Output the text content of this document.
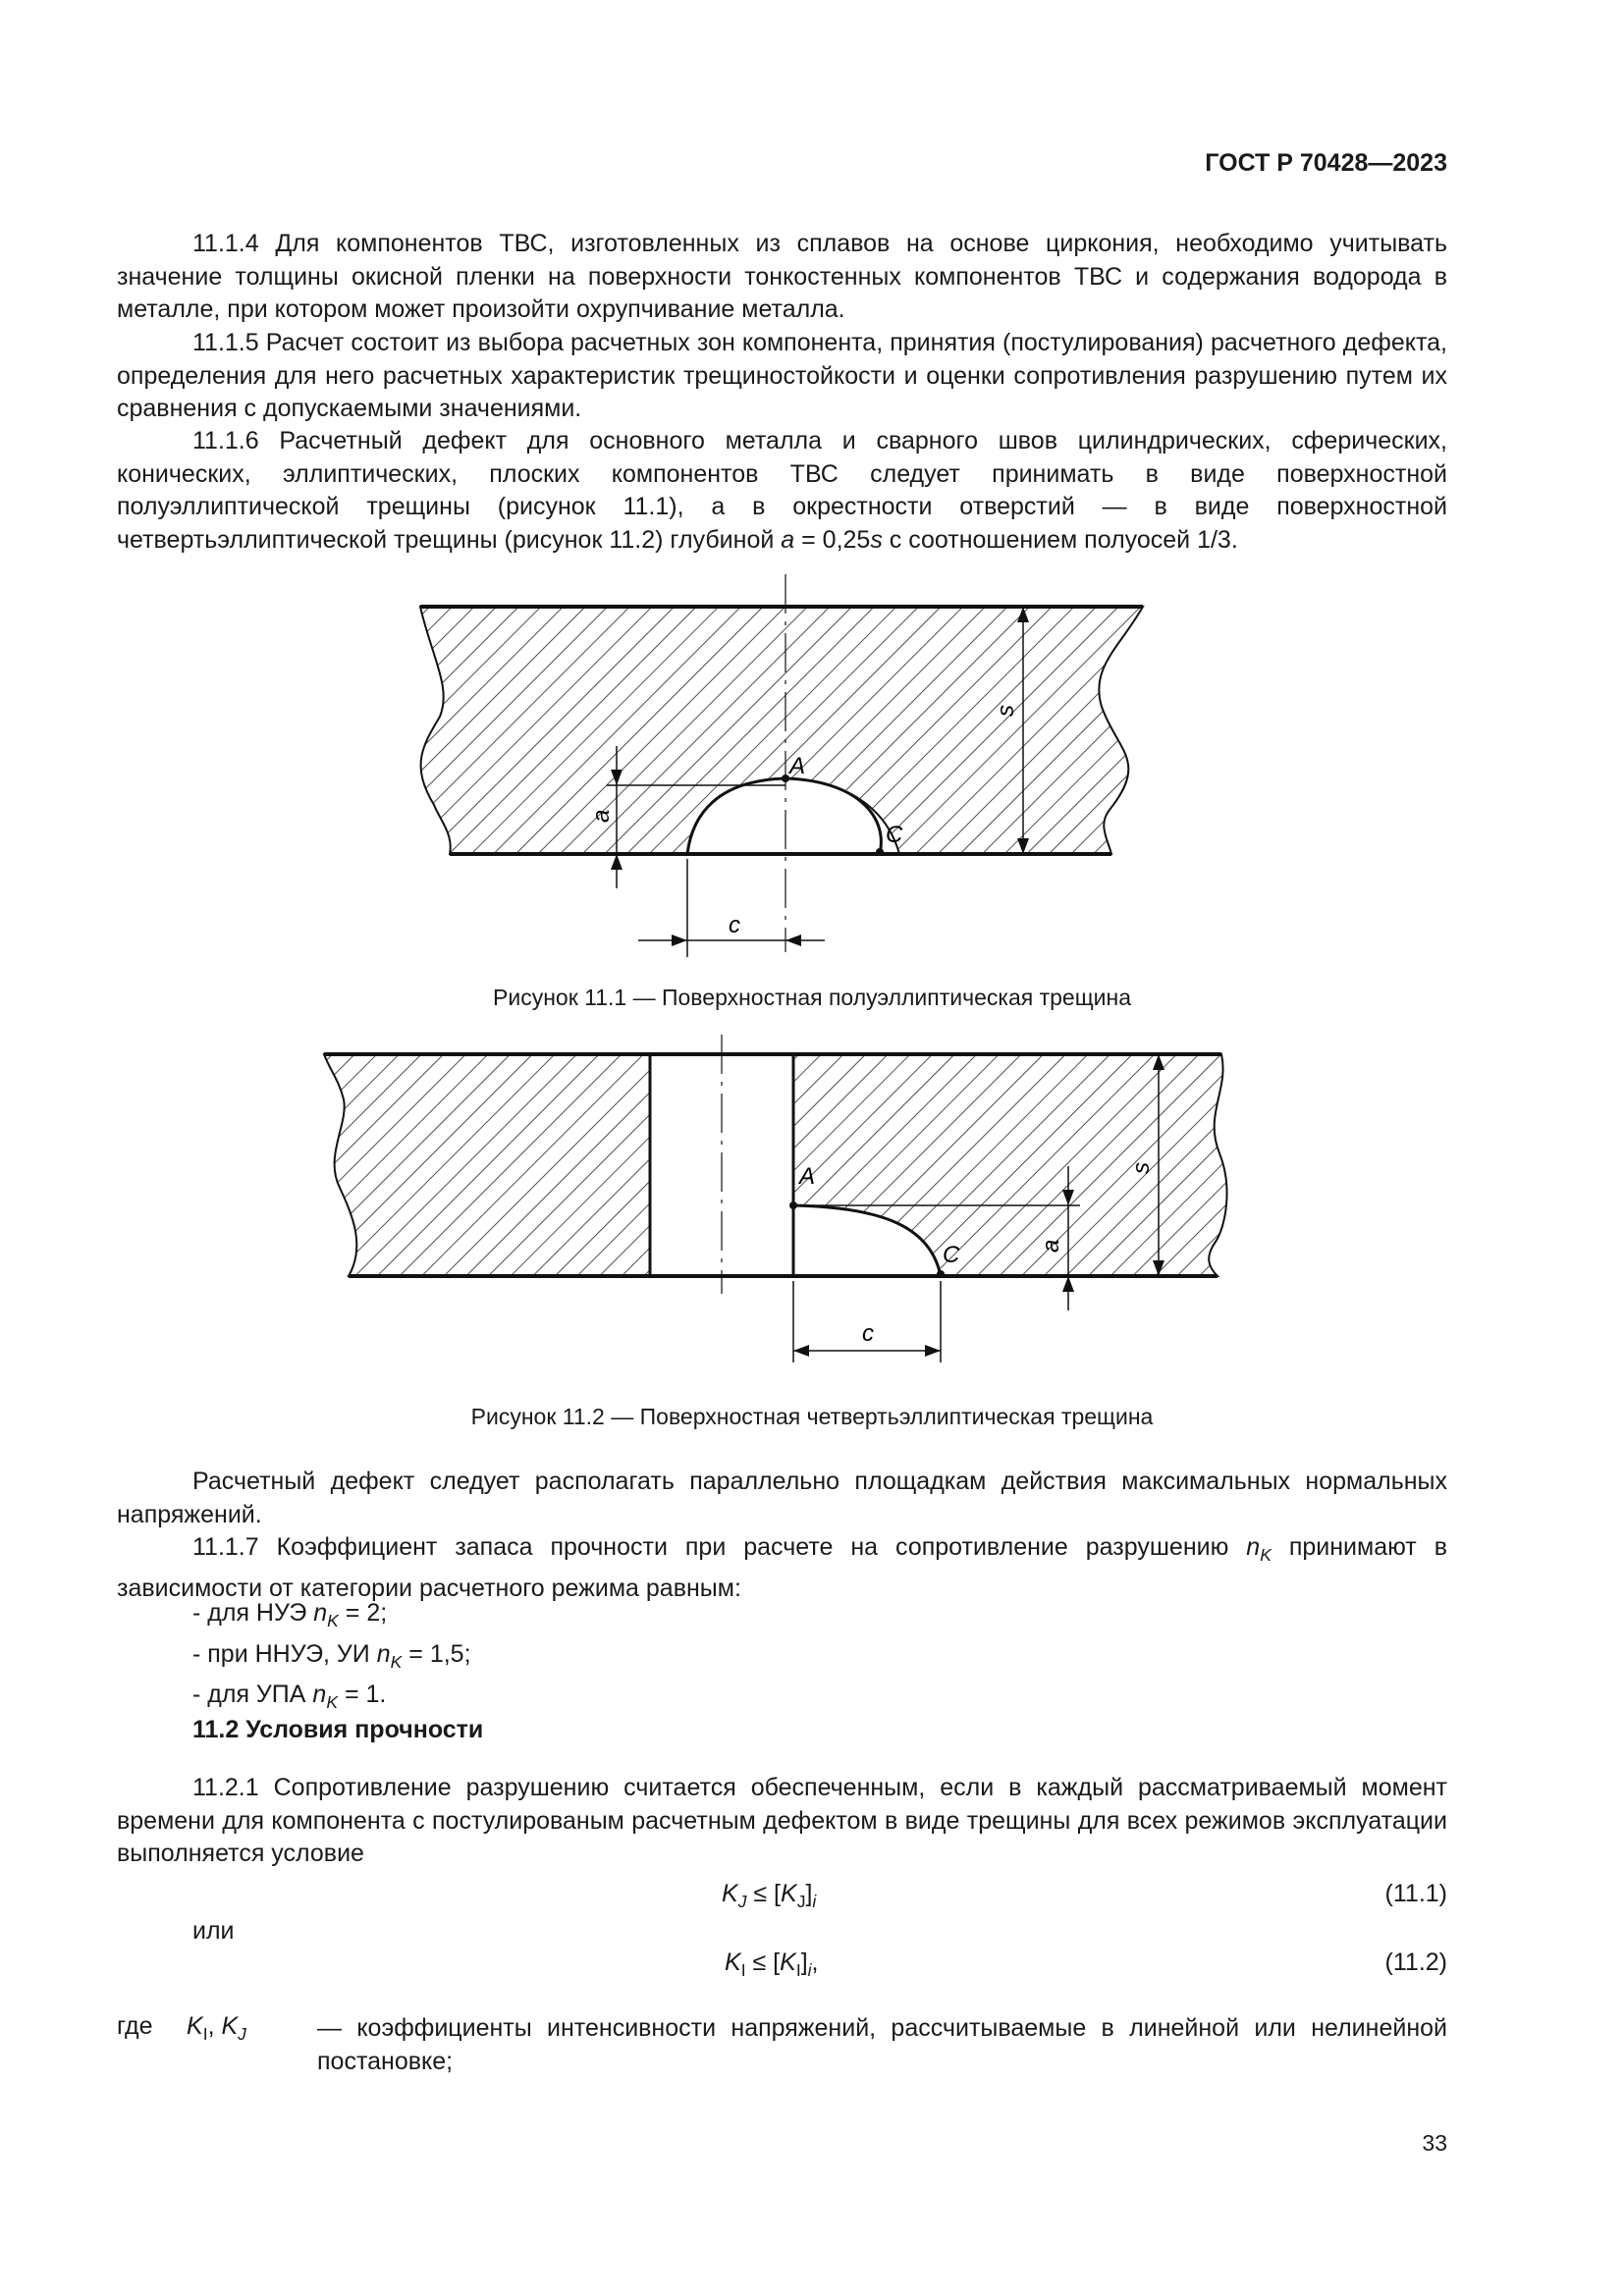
ГОСТ Р 70428—2023

11.1.4 Для компонентов ТВС, изготовленных из сплавов на основе циркония, необходимо учитывать значение толщины окисной пленки на поверхности тонкостенных компонентов ТВС и содержания водорода в металле, при котором может произойти охрупчивание металла.

11.1.5 Расчет состоит из выбора расчетных зон компонента, принятия (постулирования) расчетного дефекта, определения для него расчетных характеристик трещиностойкости и оценки сопротивления разрушению путем их сравнения с допускаемыми значениями.

11.1.6 Расчетный дефект для основного металла и сварного швов цилиндрических, сферических, конических, эллиптических, плоских компонентов ТВС следует принимать в виде поверхностной полуэллиптической трещины (рисунок 11.1), а в окрестности отверстий — в виде поверхностной четвертьэллиптической трещины (рисунок 11.2) глубиной a = 0,25s с соотношением полуосей 1/3.

A
C
a
s
c
Рисунок 11.1 — Поверхностная полуэллиптическая трещина
A
C	a
s
c
Рисунок 11.2 — Поверхностная четвертьэллиптическая трещина

Расчетный дефект следует располагать параллельно площадкам действия максимальных нормальных напряжений.

11.1.7 Коэффициент запаса прочности при расчете на сопротивление разрушению $n_K$ принимают в зависимости от категории расчетного режима равным:

- для НУЭ $n_K = 2$;
- при ННУЭ, УИ $n_K = 1,5$;
- для УПА $n_K = 1$.
11.2 Условия прочности

11.2.1 Сопротивление разрушению считается обеспеченным, если в каждый рассматриваемый момент времени для компонента с постулированым расчетным дефектом в виде трещины для всех режимов эксплуатации выполняется условие

$K_J \le [K_J]_i$	(11.1)
или
$K_I \le [K_I]_i$,	(11.2)
где $K_I$, $K_J$	— коэффициенты интенсивности напряжений, рассчитываемые в линейной или нелинейной постановке;
33
